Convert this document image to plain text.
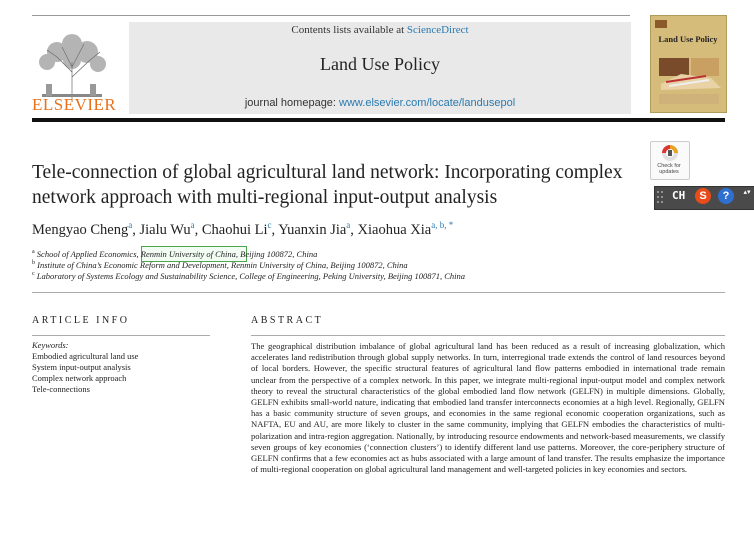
ELSEVIER
Contents lists available at ScienceDirect
Land Use Policy
journal homepage: www.elsevier.com/locate/landusepol
Land Use Policy
Check for updates
CH	S	?	▴▾
Tele-connection of global agricultural land network: Incorporating complex network approach with multi-regional input-output analysis
Mengyao Cheng$^a$, Jialu Wu$^a$, Chaohui Li$^c$, Yuanxin Jia$^a$, Xiaohua Xia$^{a, b, *}$
$^a$ School of Applied Economics, Renmin University of China, Beijing 100872, China
$^b$ Institute of China’s Economic Reform and Development, Renmin University of China, Beijing 100872, China
$^c$ Laboratory of Systems Ecology and Sustainability Science, College of Engineering, Peking University, Beijing 100871, China
ARTICLE INFO
Keywords:
Embodied agricultural land use
System input-output analysis
Complex network approach
Tele-connections
ABSTRACT
The geographical distribution imbalance of global agricultural land has been reduced as a result of increasing globalization, which accelerates land redistribution through global supply networks. In turn, interregional trade extends the control of land resources beyond of local borders. However, the specific structural features of agricultural land flow patterns embodied in international trade remain unclear from the perspective of a complex network. In this paper, we integrate multi-regional input-output model and complex network theory to reveal the structural characteristics of the global embodied land flow network (GELFN) in multiple dimensions. Globally, GELFN exhibits small-world nature, indicating that embodied land transfer interconnects economies at a high level. Regionally, GELFN has a basic community structure of seven groups, and economies in the same regional economic cooperation organizations, such as NAFTA, EU and AU, are more likely to cluster in the same community, implying that GELFN embodies the characteristics of multi-polarization and intra-region aggregation. Nationally, by introducing resource endowments and network-based measurements, we classify seven groups of key economies (‘connection clusters’) to identify different land use patterns. Moreover, the core-periphery structure of GELFN confirms that a few economies act as hubs associated with a large amount of land transfer. The results emphasize the importance of multi-regional cooperation on global agricultural land management and well-targeted policies in key economies and sectors.
